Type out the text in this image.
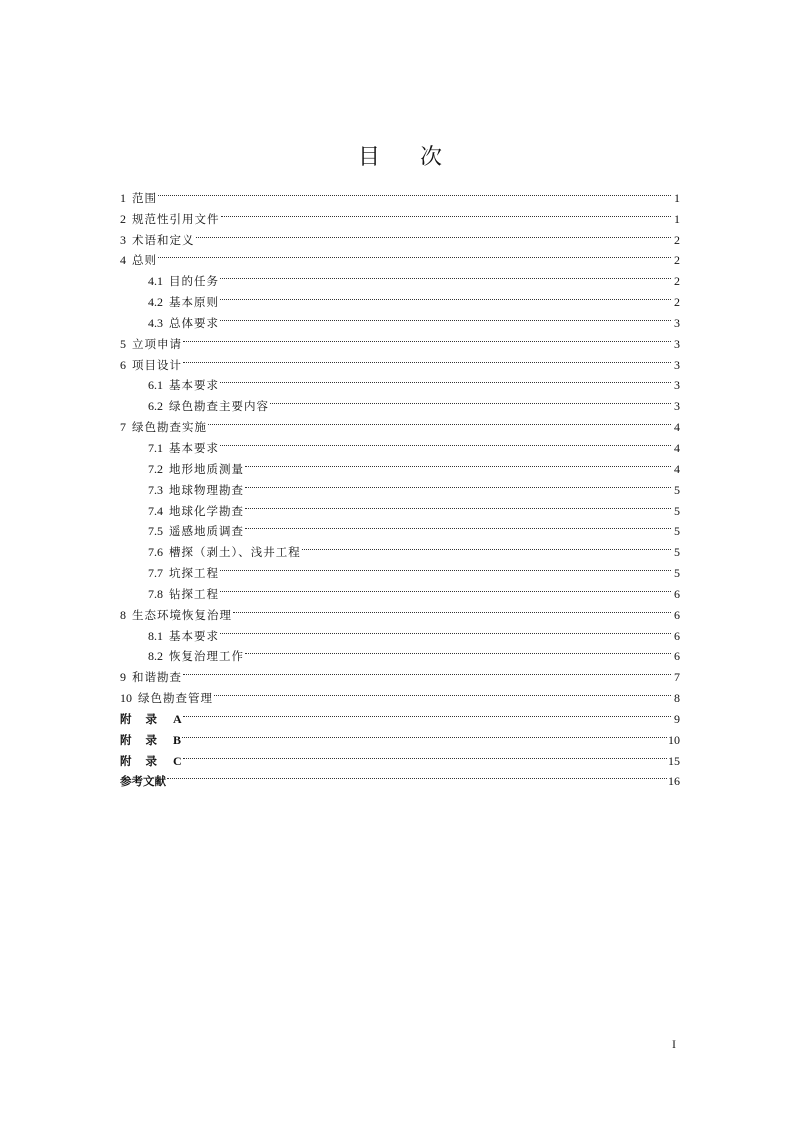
目 次
1 范围	1
2 规范性引用文件	1
3 术语和定义	2
4 总则	2
4.1 目的任务	2
4.2 基本原则	2
4.3 总体要求	3
5 立项申请	3
6 项目设计	3
6.1 基本要求	3
6.2 绿色勘查主要内容	3
7 绿色勘查实施	4
7.1 基本要求	4
7.2 地形地质测量	4
7.3 地球物理勘查	5
7.4 地球化学勘查	5
7.5 遥感地质调查	5
7.6 槽探（剥土）、浅井工程	5
7.7 坑探工程	5
7.8 钻探工程	6
8 生态环境恢复治理	6
8.1 基本要求	6
8.2 恢复治理工作	6
9 和谐勘查	7
10 绿色勘查管理	8
附 录 A	9
附 录 B	10
附 录 C	15
参考文献	16
I
